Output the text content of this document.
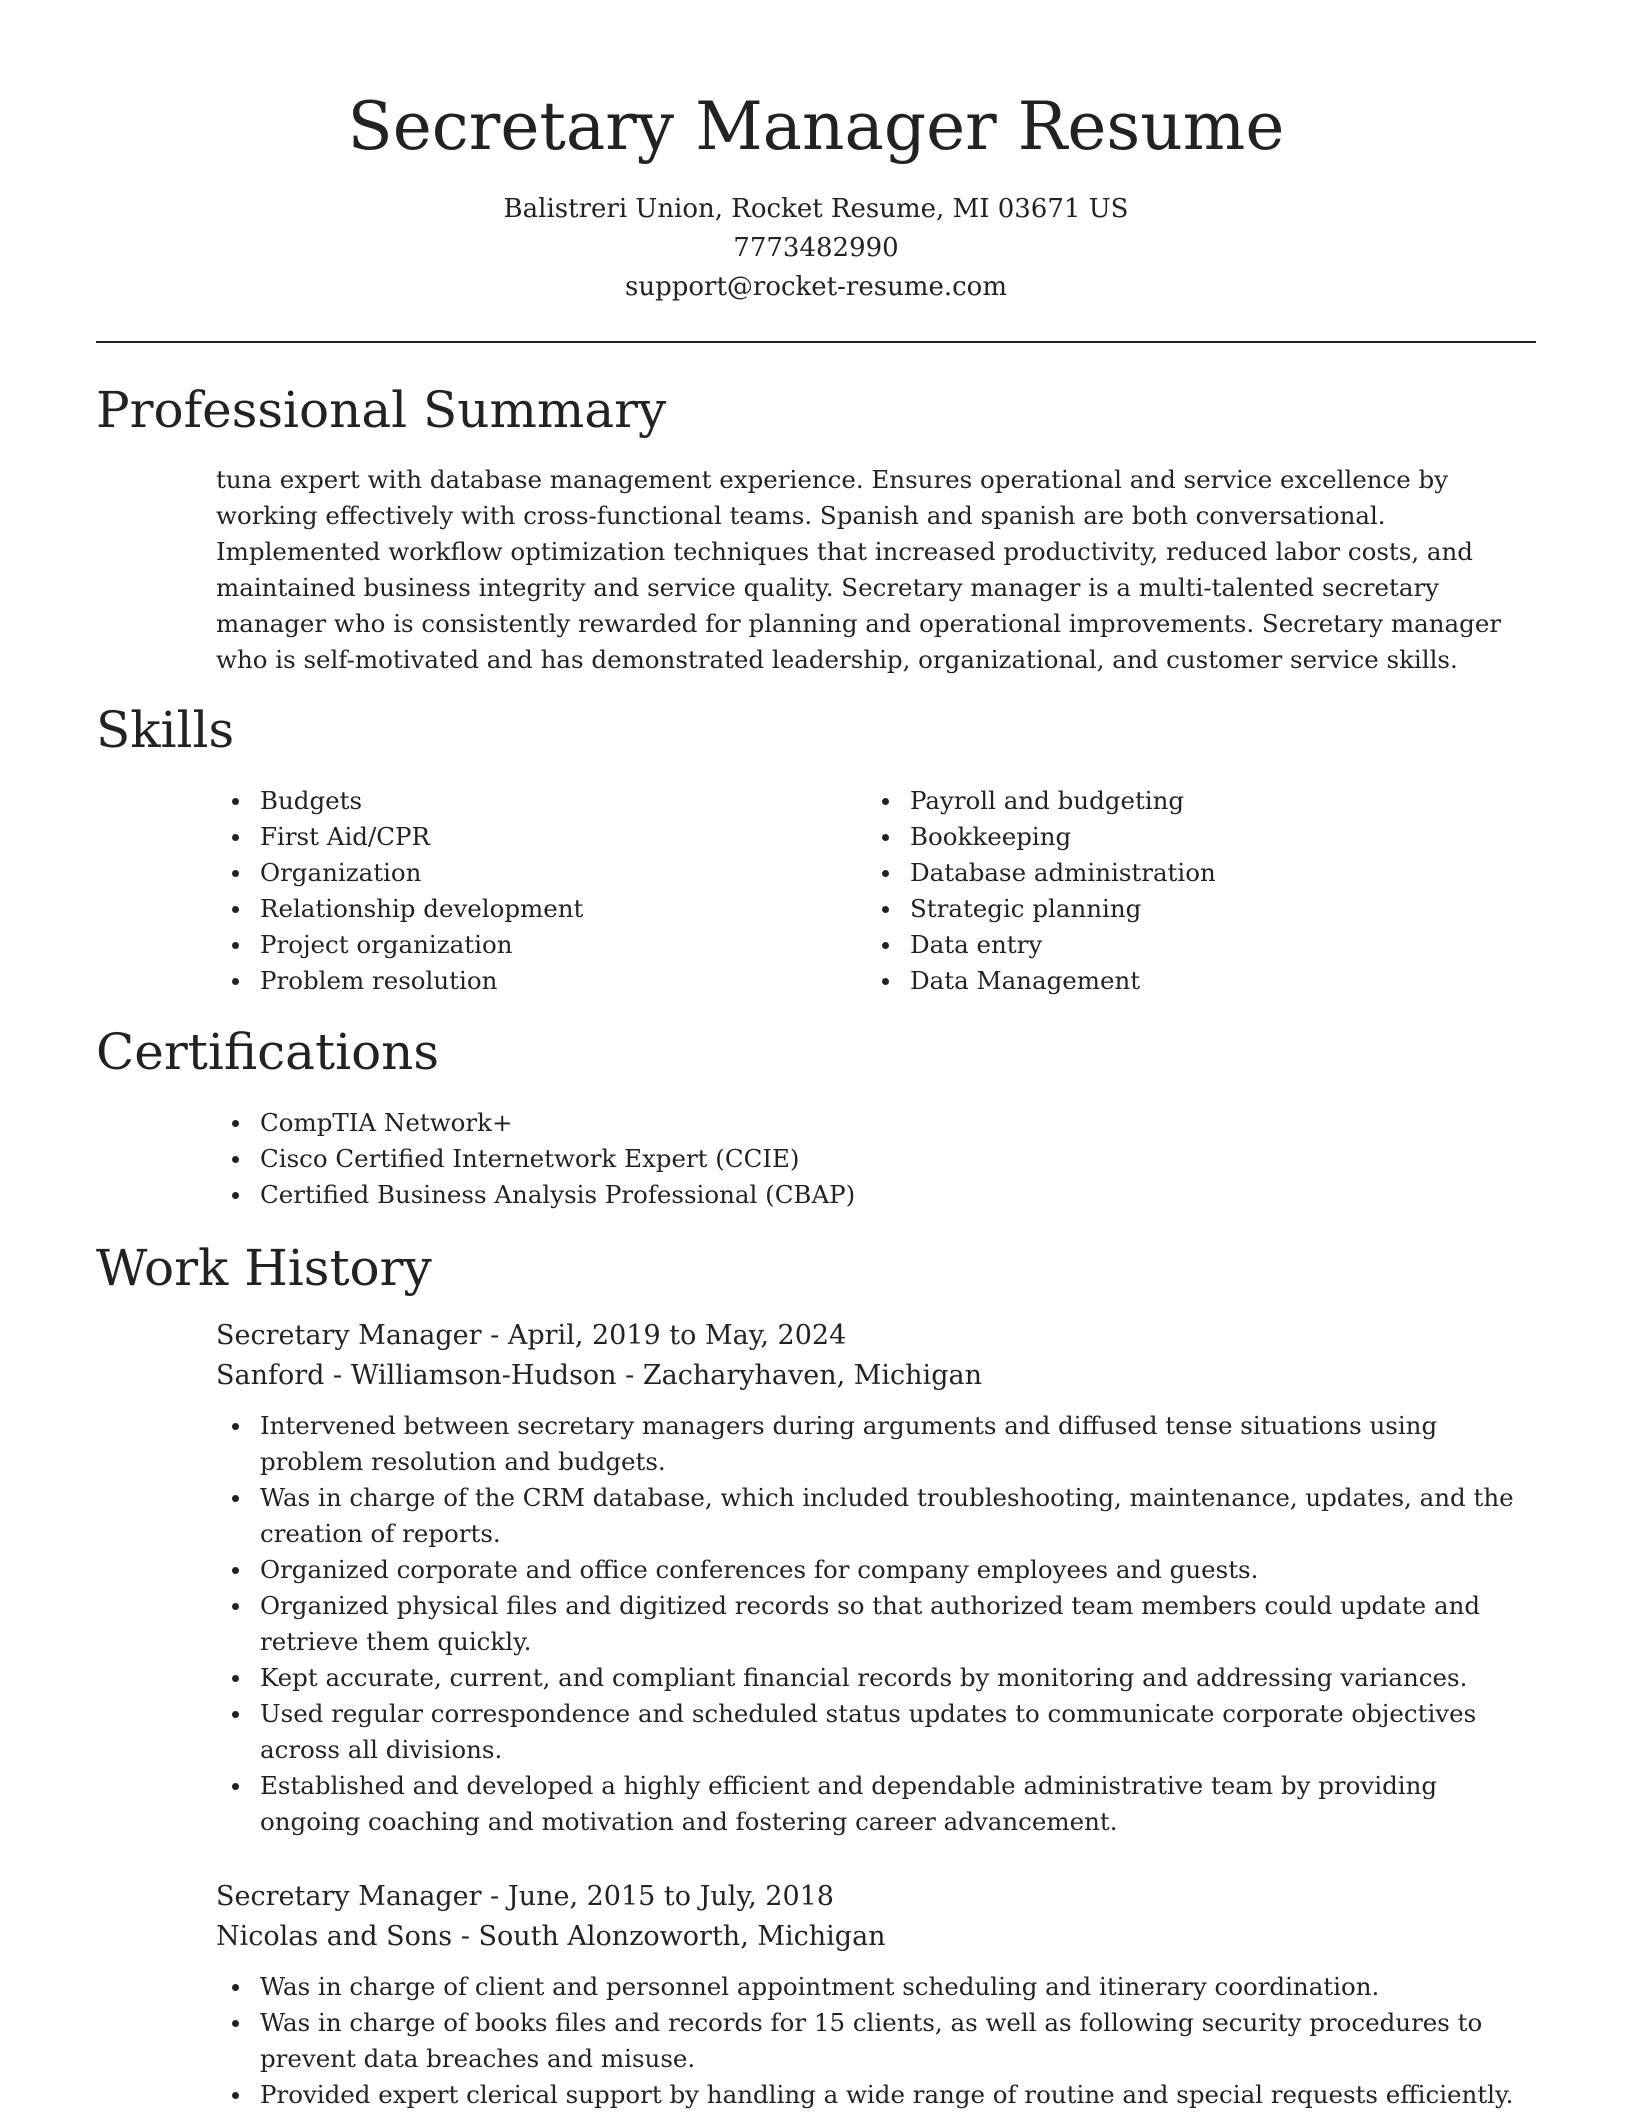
Secretary Manager Resume
Balistreri Union, Rocket Resume, MI 03671 US
7773482990
support@rocket-resume.com
Professional Summary

tuna expert with database management experience. Ensures operational and service excellence by working effectively with cross-functional teams. Spanish and spanish are both conversational. Implemented workflow optimization techniques that increased productivity, reduced labor costs, and maintained business integrity and service quality. Secretary manager is a multi-talented secretary manager who is consistently rewarded for planning and operational improvements. Secretary manager who is self-motivated and has demonstrated leadership, organizational, and customer service skills.

Skills
Budgets
First Aid/CPR
Organization
Relationship development
Project organization
Problem resolution
Payroll and budgeting
Bookkeeping
Database administration
Strategic planning
Data entry
Data Management
Certifications
CompTIA Network+
Cisco Certified Internetwork Expert (CCIE)
Certified Business Analysis Professional (CBAP)
Work History
Secretary Manager - April, 2019 to May, 2024
Sanford - Williamson-Hudson - Zacharyhaven, Michigan
Intervened between secretary managers during arguments and diffused tense situations using problem resolution and budgets.
Was in charge of the CRM database, which included troubleshooting, maintenance, updates, and the creation of reports.
Organized corporate and office conferences for company employees and guests.
Organized physical files and digitized records so that authorized team members could update and retrieve them quickly.
Kept accurate, current, and compliant financial records by monitoring and addressing variances.
Used regular correspondence and scheduled status updates to communicate corporate objectives across all divisions.
Established and developed a highly efficient and dependable administrative team by providing ongoing coaching and motivation and fostering career advancement.
Secretary Manager - June, 2015 to July, 2018
Nicolas and Sons - South Alonzoworth, Michigan
Was in charge of client and personnel appointment scheduling and itinerary coordination.
Was in charge of books files and records for 15 clients, as well as following security procedures to prevent data breaches and misuse.
Provided expert clerical support by handling a wide range of routine and special requests efficiently.
